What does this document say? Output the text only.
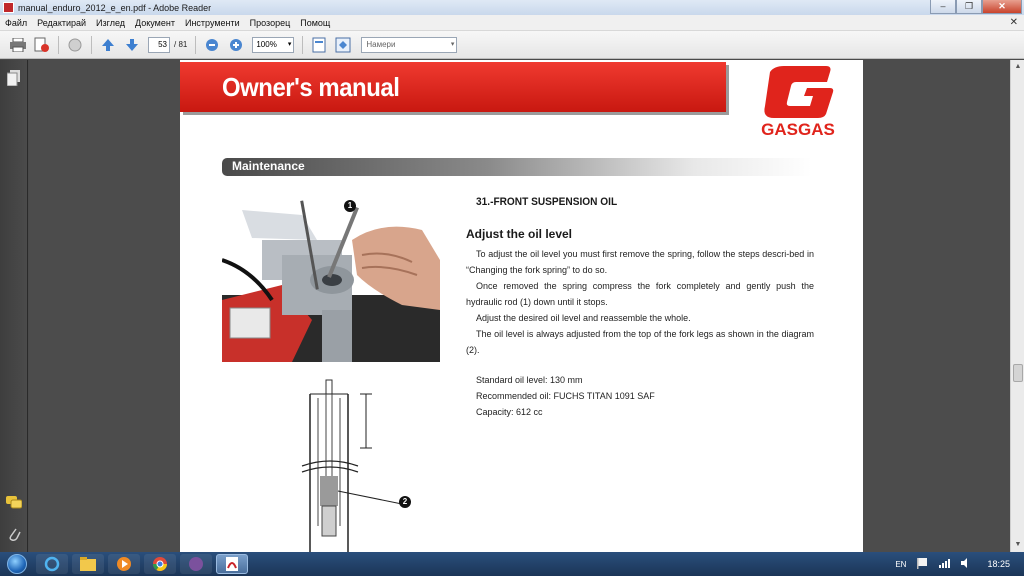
manual_enduro_2012_e_en.pdf - Adobe Reader	–	❐	✕
Файл	Редактирай	Изглед	Документ	Инструменти	Прозорец	Помощ	✕
53 / 81	100% ▾	Намери	▾
Owner's manual
GASGAS
Maintenance
1
2
31.-FRONT SUSPENSION OIL
Adjust the oil level

To adjust the oil level you must first remove the spring, follow the steps descri-bed in “Changing the fork spring” to do so.

Once removed the spring compress the fork completely and gently push the hydraulic rod (1) down until it stops.

Adjust the desired oil level and reassemble the whole.

The oil level is always adjusted from the top of the fork legs as shown in the diagram (2).

Standard oil level: 130 mm
Recommended oil: FUCHS TITAN 1091 SAF
Capacity: 612 cc
▲
▼
EN	18:25
